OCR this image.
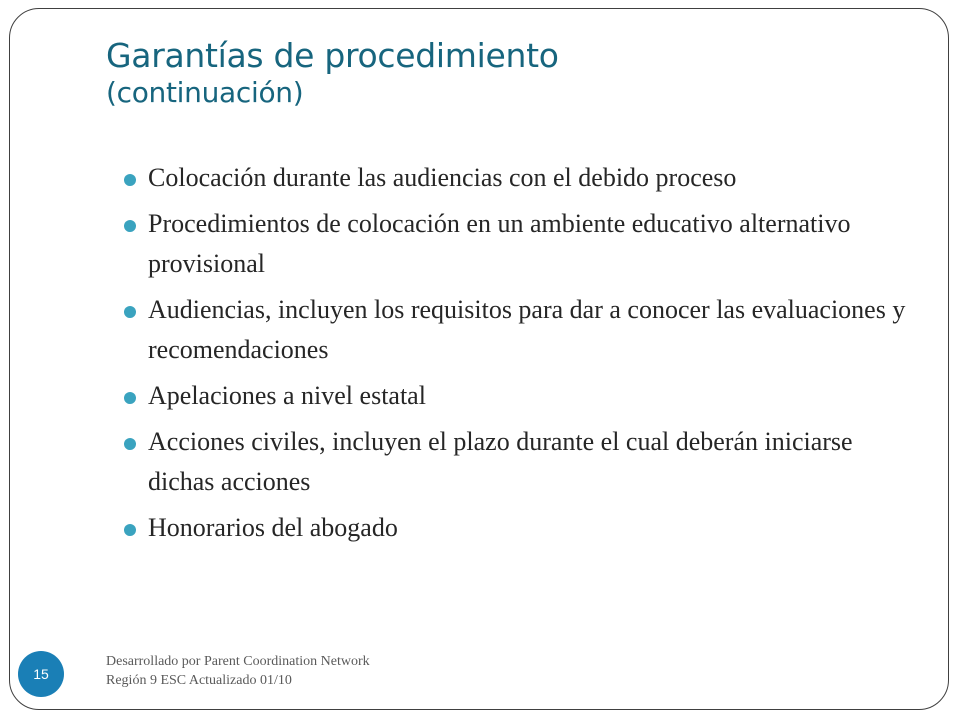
Garantías de procedimiento
(continuación)
Colocación durante las audiencias con el debido proceso
Procedimientos de colocación en un ambiente educativo alternativo provisional
Audiencias, incluyen los requisitos para dar a conocer las evaluaciones y recomendaciones
Apelaciones a nivel estatal
Acciones civiles, incluyen el plazo durante el cual deberán iniciarse dichas acciones
Honorarios del abogado
15
Desarrollado por Parent Coordination Network
Región 9 ESC Actualizado 01/10
